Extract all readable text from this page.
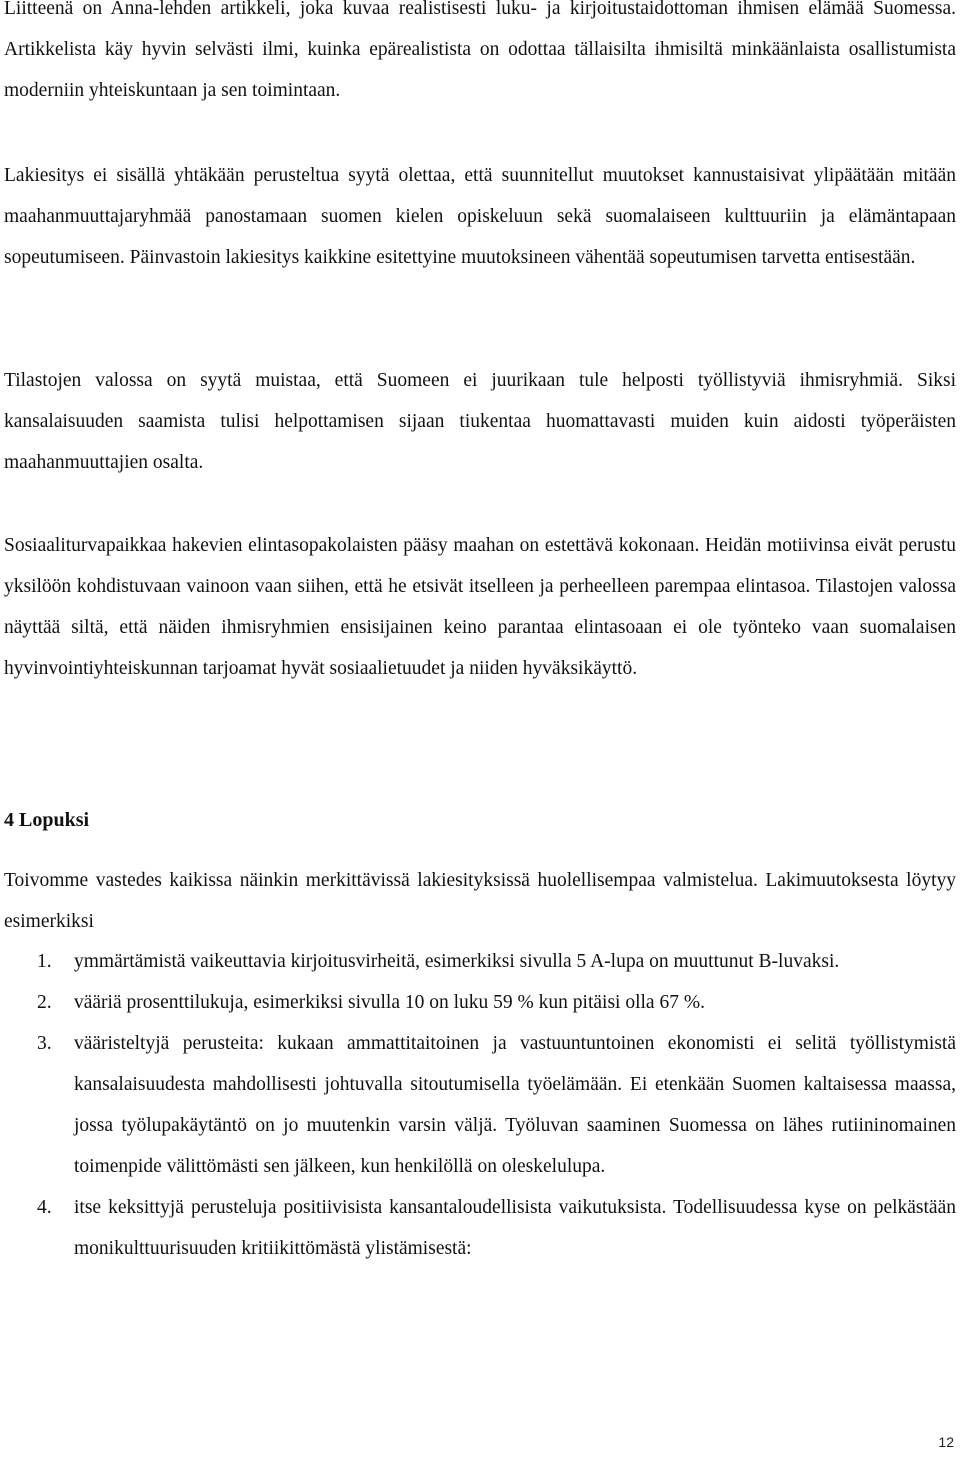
Liitteenä on Anna-lehden artikkeli, joka kuvaa realistisesti luku- ja kirjoitustaidottoman ihmisen elämää Suomessa. Artikkelista käy hyvin selvästi ilmi, kuinka epärealistista on odottaa tällaisilta ihmisiltä minkäänlaista osallistumista moderniin yhteiskuntaan ja sen toimintaan.

Lakiesitys ei sisällä yhtäkään perusteltua syytä olettaa, että suunnitellut muutokset kannustaisivat ylipäätään mitään maahanmuuttajaryhmää panostamaan suomen kielen opiskeluun sekä suomalaiseen kulttuuriin ja elämäntapaan sopeutumiseen. Päinvastoin lakiesitys kaikkine esitettyine muutoksineen vähentää sopeutumisen tarvetta entisestään.

Tilastojen valossa on syytä muistaa, että Suomeen ei juurikaan tule helposti työllistyviä ihmisryhmiä. Siksi kansalaisuuden saamista tulisi helpottamisen sijaan tiukentaa huomattavasti muiden kuin aidosti työperäisten maahanmuuttajien osalta.

Sosiaaliturvapaikkaa hakevien elintasopakolaisten pääsy maahan on estettävä kokonaan. Heidän motiivinsa eivät perustu yksilöön kohdistuvaan vainoon vaan siihen, että he etsivät itselleen ja perheelleen parempaa elintasoa. Tilastojen valossa näyttää siltä, että näiden ihmisryhmien ensisijainen keino parantaa elintasoaan ei ole työnteko vaan suomalaisen hyvinvointiyhteiskunnan tarjoamat hyvät sosiaalietuudet ja niiden hyväksikäyttö.

4 Lopuksi

Toivomme vastedes kaikissa näinkin merkittävissä lakiesityksissä huolellisempaa valmistelua. Lakimuutoksesta löytyy esimerkiksi

1. ymmärtämistä vaikeuttavia kirjoitusvirheitä, esimerkiksi sivulla 5 A-lupa on muuttunut B-luvaksi.
2. vääriä prosenttilukuja, esimerkiksi sivulla 10 on luku 59 % kun pitäisi olla 67 %.
3. vääristeltyjä perusteita: kukaan ammattitaitoinen ja vastuuntuntoinen ekonomisti ei selitä työllistymistä kansalaisuudesta mahdollisesti johtuvalla sitoutumisella työelämään. Ei etenkään Suomen kaltaisessa maassa, jossa työlupakäytäntö on jo muutenkin varsin väljä. Työluvan saaminen Suomessa on lähes rutiininomainen toimenpide välittömästi sen jälkeen, kun henkilöllä on oleskelulupa.
4. itse keksittyjä perusteluja positiivisista kansantaloudellisista vaikutuksista. Todellisuudessa kyse on pelkästään monikulttuurisuuden kritiikittömästä ylistämisestä:
12
